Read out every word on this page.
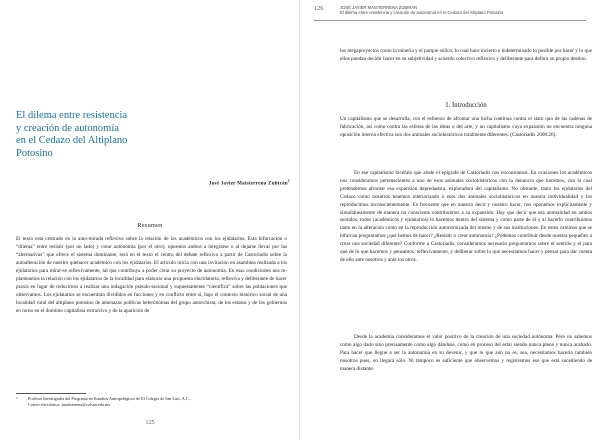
El dilema entre resistencia
y creación de autonomía
en el Cedazo del Altiplano
Potosino
José Javier Maisterrena Zubirán$^1$
Resumen

El texto está centrado en la auto-mirada reflexiva sobre la relación de los académicos con los ejidatarios. Esta bifurcación o “dilema” entre resistir (por un lado) y crear autonomía (por el otro), opuestos ambos a integrarse o al dejarse llevar por las “alternativas” que ofrece el sistema dominante, será en el texto el centro del debate reflexivo a partir de Castoriadis sobre la autoalteración de nuestro quehacer académico con los ejidatarios. El artículo inicia con una invitación en asamblea realizada a los ejidatarios para mirar-se reflexivamente, tal que contribuya a poder crear su proyecto de autonomía. En esas condiciones nos re-planteamos la relación con los ejidatarios de la localidad para elaborar una propuesta elucidatoria, reflexiva y deliberante de hacer praxis en lugar de reducirnos a realizar una indagación pseudo-racional y supuestamente “científica” sobre las poblaciones que observamos. Los ejidatarios se encuentran divididos en facciones y en conflicto entre sí, bajo el contexto histórico social de una localidad rural del altiplano potosino de amenazas políticas heterónomas del grupo antorchista; de los estatus y de los gobiernos en turno en el dominio capitalista extractivo y de la aparición de

1	Profesor Investigador del Programa en Estudios Antropológicos de El Colegio de San Luis, A.C.,
Correo electrónico: jmaisterrena@colsan.edu.mx
125
126	JOSÉ JAVIER MAISTERRENA ZUBIRÁN
El dilema entre resistencia y creación de autonomía en el Cedazo del Altiplano Potosino

los megaproyectos como la minería y el parque eólico, lo cual hace incierto e indeterminado lo posible por hacer y lo que ellos puedan decidir hacer en su subjetividad y acuerdo colectivo reflexivo y deliberante para definir su propio destino.

1. Introducción

Un capitalismo que se desarrolla, con el esfuerzo de afrontar una lucha continua contra el statu quo de las cadenas de fabricación, así como contra las esferas de las ideas o del arte, y un capitalismo cuya expansión no encuentra ninguna oposición interna efectiva son dos animales sociohistóricos totalmente diferentes. (Castoriadis 2008:26).

En ese capitalismo bicéfalo que alude el epígrafe de Castoriadis nos encontramos. En ocasiones los académicos nos consideramos pertenecientes a uno de esos animales sociohistóricos con la denuncia que hacemos, con la cual pretendemos afrontar esa expansión depredadora, explotadora del capitalismo. No obstante, tanto los ejidatarios del Cedazo como nosotros tenemos interiorizado a esos dos animales sociohistóricos en nuestra individualidad y los reproducimos inconscientemente. Es frecuente que en nuestro decir y nuestro hacer, nos oponemos explícitamente y simultáneamente de manera no consciente contribuimos a su expansión. Hay que decir que esa animalidad en ambos sentidos, todos (académicos y ejidatarios) lo hacemos dentro del sistema y como parte de él y al hacerlo contribuimos tanto en la alteración como en la reproducción autonomizada del mismo y de sus instituciones. En estos caminos que se bifurcan preguntamos ¿qué hemos de hacer? ¿Resistir o crear autonomía? ¿Podemos contribuir desde nuestra pequeñez a crear una sociedad diferente? Conforme a Castoriadis, consideramos necesario preguntarnos sobre el sentido y el para qué de lo que hacemos y pensamos, reflexivamente, y deliberar sobre lo que necesitamos hacer y pensar para dar cuenta de ello ante nosotros y ante los otros.

Desde la academia consideramos el valor positivo de la creación de una sociedad autónoma. Pero no sabemos como algo dado sino precisamente como algo dándose, como en proceso del estar siendo nunca pleno y nunca acabado. Para hacer que llegue a ser la autonomía en su devenir, y que lo que aún no es, sea, necesitamos hacerlo también nosotros pues, no llegará sólo. Ni tampoco es suficiente que observemos y registremos eso que está sucediendo de manera distante.
